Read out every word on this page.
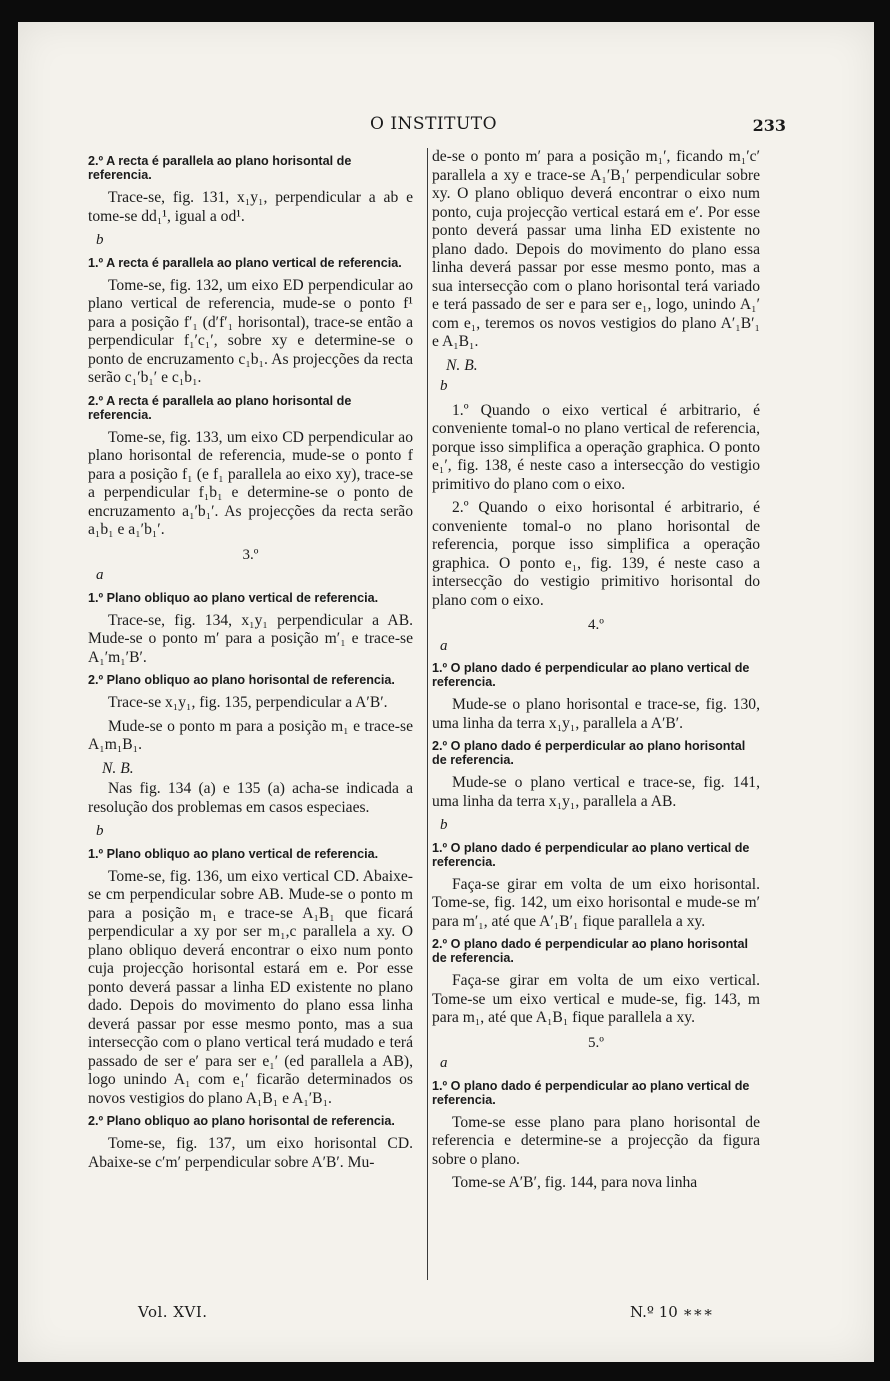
O INSTITUTO	233
2.º A recta é parallela ao plano horisontal de referencia.

Trace-se, fig. 131, x₁y₁, perpendicular a ab e tome-se dd₁¹, igual a od¹.

b
1.º A recta é parallela ao plano vertical de referencia.

Tome-se, fig. 132, um eixo ED perpendicular ao plano vertical de referencia, mude-se o ponto f¹ para a posição f′₁ (d′f′₁ horisontal), trace-se então a perpendicular f₁′c₁′, sobre xy e determine-se o ponto de encruzamento c₁b₁. As projecções da recta serão c₁′b₁′ e c₁b₁.

2.º A recta é parallela ao plano horisontal de referencia.

Tome-se, fig. 133, um eixo CD perpendicular ao plano horisontal de referencia, mude-se o ponto f para a posição f₁ (e f₁ parallela ao eixo xy), trace-se a perpendicular f₁b₁ e determine-se o ponto de encruzamento a₁′b₁′. As projecções da recta serão a₁b₁ e a₁′b₁′.

3.º
a
1.º Plano obliquo ao plano vertical de referencia.

Trace-se, fig. 134, x₁y₁ perpendicular a AB. Mude-se o ponto m′ para a posição m′₁ e trace-se A₁′m₁′B′.

2.º Plano obliquo ao plano horisontal de referencia.

Trace-se x₁y₁, fig. 135, perpendicular a A′B′.

Mude-se o ponto m para a posição m₁ e trace-se A₁m₁B₁.

N. B.

Nas fig. 134 (a) e 135 (a) acha-se indicada a resolução dos problemas em casos especiaes.

b
1.º Plano obliquo ao plano vertical de referencia.

Tome-se, fig. 136, um eixo vertical CD. Abaixe-se cm perpendicular sobre AB. Mude-se o ponto m para a posição m₁ e trace-se A₁B₁ que ficará perpendicular a xy por ser m₁,c parallela a xy. O plano obliquo deverá encontrar o eixo num ponto cuja projecção horisontal estará em e. Por esse ponto deverá passar a linha ED existente no plano dado. Depois do movimento do plano essa linha deverá passar por esse mesmo ponto, mas a sua intersecção com o plano vertical terá mudado e terá passado de ser e′ para ser e₁′ (ed parallela a AB), logo unindo A₁ com e₁′ ficarão determinados os novos vestigios do plano A₁B₁ e A₁′B₁.

2.º Plano obliquo ao plano horisontal de referencia.

Tome-se, fig. 137, um eixo horisontal CD. Abaixe-se c′m′ perpendicular sobre A′B′. Mu-

de-se o ponto m′ para a posição m₁′, ficando m₁′c′ parallela a xy e trace-se A₁′B₁′ perpendicular sobre xy. O plano obliquo deverá encontrar o eixo num ponto, cuja projecção vertical estará em e′. Por esse ponto deverá passar uma linha ED existente no plano dado. Depois do movimento do plano essa linha deverá passar por esse mesmo ponto, mas a sua intersecção com o plano horisontal terá variado e terá passado de ser e para ser e₁, logo, unindo A₁′ com e₁, teremos os novos vestigios do plano A′₁B′₁ e A₁B₁.

N. B.
b

1.º Quando o eixo vertical é arbitrario, é conveniente tomal-o no plano vertical de referencia, porque isso simplifica a operação graphica. O ponto e₁′, fig. 138, é neste caso a intersecção do vestigio primitivo do plano com o eixo.

2.º Quando o eixo horisontal é arbitrario, é conveniente tomal-o no plano horisontal de referencia, porque isso simplifica a operação graphica. O ponto e₁, fig. 139, é neste caso a intersecção do vestigio primitivo horisontal do plano com o eixo.

4.º
a
1.º O plano dado é perpendicular ao plano vertical de referencia.

Mude-se o plano horisontal e trace-se, fig. 130, uma linha da terra x₁y₁, parallela a A′B′.

2.º O plano dado é perperdicular ao plano horisontal de referencia.

Mude-se o plano vertical e trace-se, fig. 141, uma linha da terra x₁y₁, parallela a AB.

b
1.º O plano dado é perpendicular ao plano vertical de referencia.

Faça-se girar em volta de um eixo horisontal. Tome-se, fig. 142, um eixo horisontal e mude-se m′ para m′₁, até que A′₁B′₁ fique parallela a xy.

2.º O plano dado é perpendicular ao plano horisontal de referencia.

Faça-se girar em volta de um eixo vertical. Tome-se um eixo vertical e mude-se, fig. 143, m para m₁, até que A₁B₁ fique parallela a xy.

5.º
a
1.º O plano dado é perpendicular ao plano vertical de referencia.

Tome-se esse plano para plano horisontal de referencia e determine-se a projecção da figura sobre o plano.

Tome-se A′B′, fig. 144, para nova linha

Vol. XVI.	N.º 10 ∗∗∗
